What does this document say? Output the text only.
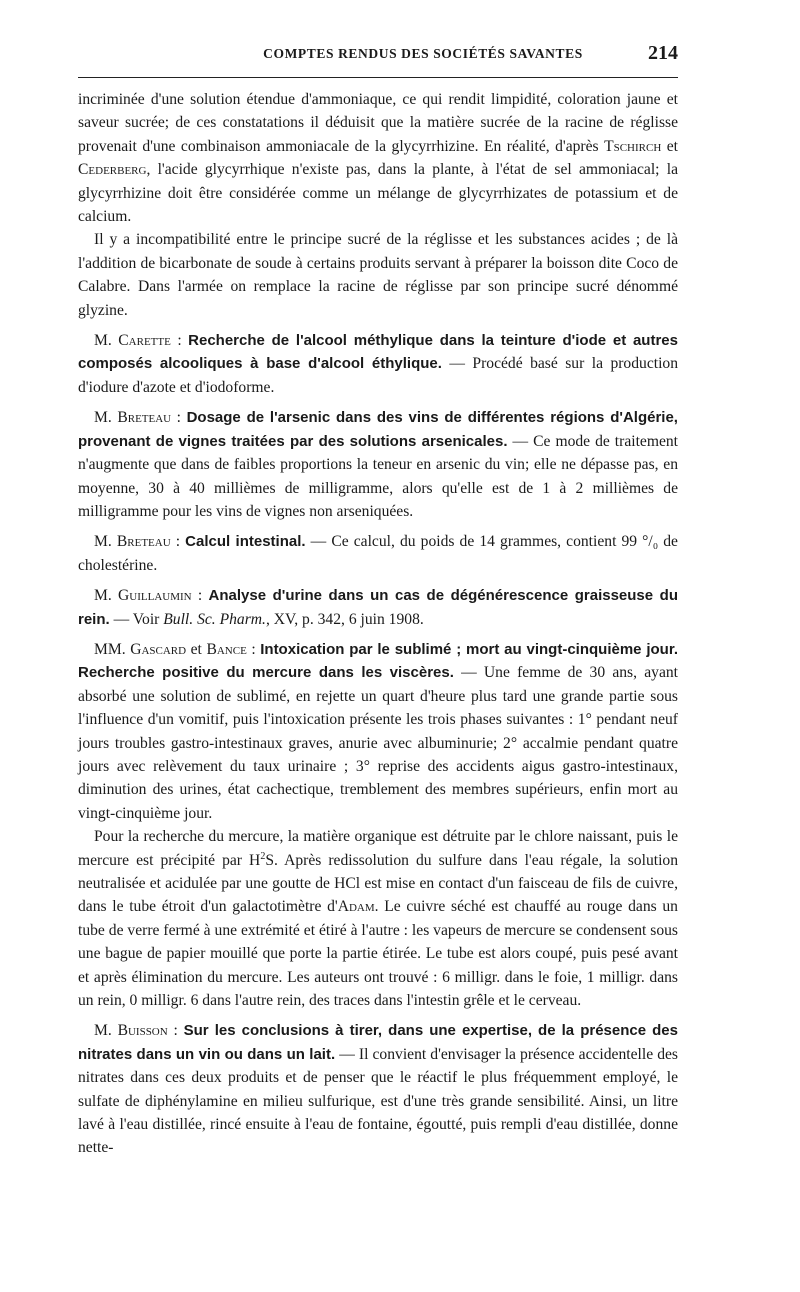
COMPTES RENDUS DES SOCIÉTÉS SAVANTES	214

incriminée d'une solution étendue d'ammoniaque, ce qui rendit limpidité, coloration jaune et saveur sucrée; de ces constatations il déduisit que la matière sucrée de la racine de réglisse provenait d'une combinaison ammoniacale de la glycyrrhizine. En réalité, d'après Tschirch et Cederberg, l'acide glycyrrhique n'existe pas, dans la plante, à l'état de sel ammoniacal; la glycyrrhizine doit être considérée comme un mélange de glycyrrhizates de potassium et de calcium.

Il y a incompatibilité entre le principe sucré de la réglisse et les substances acides ; de là l'addition de bicarbonate de soude à certains produits servant à préparer la boisson dite Coco de Calabre. Dans l'armée on remplace la racine de réglisse par son principe sucré dénommé glyzine.

M. Carette : Recherche de l'alcool méthylique dans la teinture d'iode et autres composés alcooliques à base d'alcool éthylique. — Procédé basé sur la production d'iodure d'azote et d'iodoforme.

M. Breteau : Dosage de l'arsenic dans des vins de différentes régions d'Algérie, provenant de vignes traitées par des solutions arsenicales. — Ce mode de traitement n'augmente que dans de faibles proportions la teneur en arsenic du vin; elle ne dépasse pas, en moyenne, 30 à 40 millièmes de milligramme, alors qu'elle est de 1 à 2 millièmes de milligramme pour les vins de vignes non arseniquées.

M. Breteau : Calcul intestinal. — Ce calcul, du poids de 14 grammes, contient 99 °/₀ de cholestérine.

M. Guillaumin : Analyse d'urine dans un cas de dégénérescence graisseuse du rein. — Voir Bull. Sc. Pharm., XV, p. 342, 6 juin 1908.

MM. Gascard et Bance : Intoxication par le sublimé ; mort au vingt-cinquième jour. Recherche positive du mercure dans les viscères. — Une femme de 30 ans, ayant absorbé une solution de sublimé, en rejette un quart d'heure plus tard une grande partie sous l'influence d'un vomitif, puis l'intoxication présente les trois phases suivantes : 1° pendant neuf jours troubles gastro-intestinaux graves, anurie avec albuminurie; 2° accalmie pendant quatre jours avec relèvement du taux urinaire ; 3° reprise des accidents aigus gastro-intestinaux, diminution des urines, état cachectique, tremblement des membres supérieurs, enfin mort au vingt-cinquième jour.

Pour la recherche du mercure, la matière organique est détruite par le chlore naissant, puis le mercure est précipité par $H^2S$. Après redissolution du sulfure dans l'eau régale, la solution neutralisée et acidulée par une goutte de HCl est mise en contact d'un faisceau de fils de cuivre, dans le tube étroit d'un galactotimètre d'Adam. Le cuivre séché est chauffé au rouge dans un tube de verre fermé à une extrémité et étiré à l'autre : les vapeurs de mercure se condensent sous une bague de papier mouillé que porte la partie étirée. Le tube est alors coupé, puis pesé avant et après élimination du mercure. Les auteurs ont trouvé : 6 milligr. dans le foie, 1 milligr. dans un rein, 0 milligr. 6 dans l'autre rein, des traces dans l'intestin grêle et le cerveau.

M. Buisson : Sur les conclusions à tirer, dans une expertise, de la présence des nitrates dans un vin ou dans un lait. — Il convient d'envisager la présence accidentelle des nitrates dans ces deux produits et de penser que le réactif le plus fréquemment employé, le sulfate de diphénylamine en milieu sulfurique, est d'une très grande sensibilité. Ainsi, un litre lavé à l'eau distillée, rincé ensuite à l'eau de fontaine, égoutté, puis rempli d'eau distillée, donne nette-
